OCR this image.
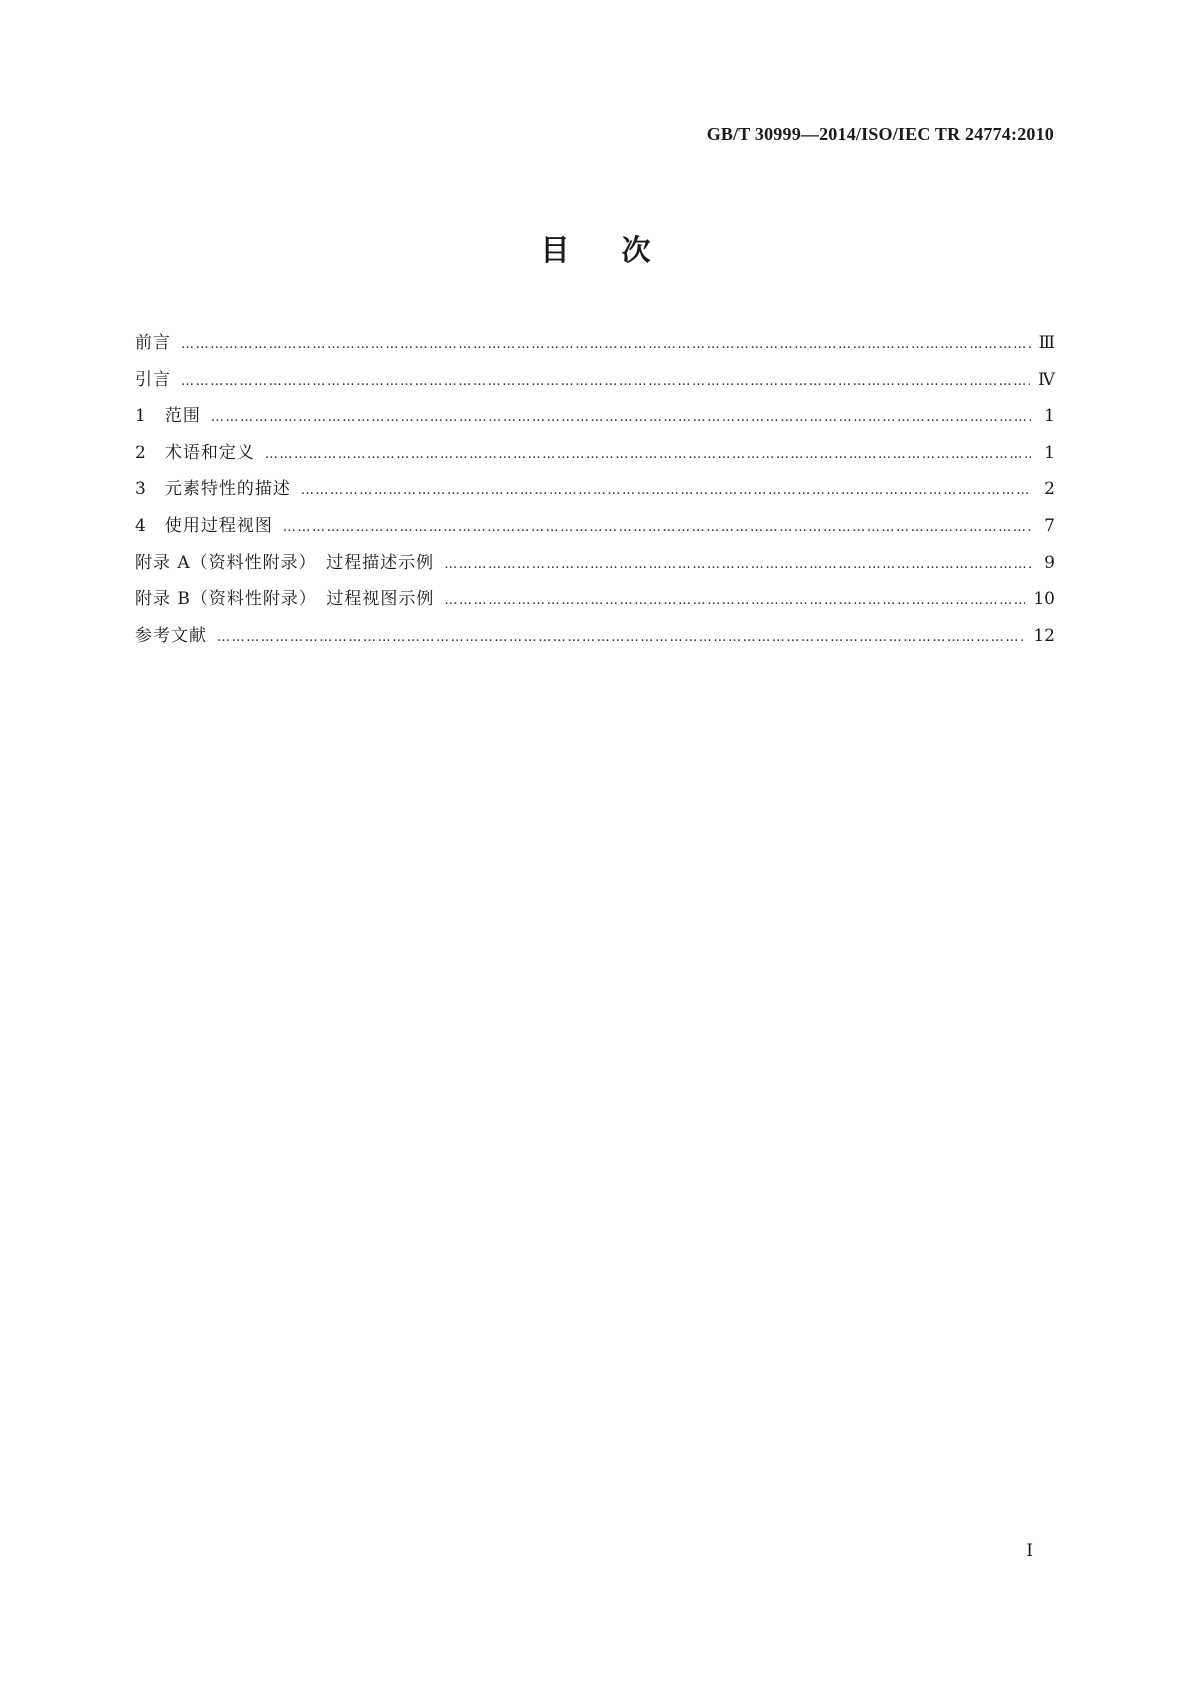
GB/T 30999—2014/ISO/IEC TR 24774:2010
目次
前言 ………………………………………………………………………………………………………………………………………………………………………………………………………………	Ⅲ
引言 ………………………………………………………………………………………………………………………………………………………………………………………………………………	Ⅳ
1　范围 ………………………………………………………………………………………………………………………………………………………………………………………………………………	1
2　术语和定义 ………………………………………………………………………………………………………………………………………………………………………………………………………………	1
3　元素特性的描述 ………………………………………………………………………………………………………………………………………………………………………………………………………………	2
4　使用过程视图 ………………………………………………………………………………………………………………………………………………………………………………………………………………	7
附录 A（资料性附录）　过程描述示例 ………………………………………………………………………………………………………………………………………………………………………………………………………………	9
附录 B（资料性附录）　过程视图示例 ………………………………………………………………………………………………………………………………………………………………………………………………………………	10
参考文献 ………………………………………………………………………………………………………………………………………………………………………………………………………………	12
Ⅰ
